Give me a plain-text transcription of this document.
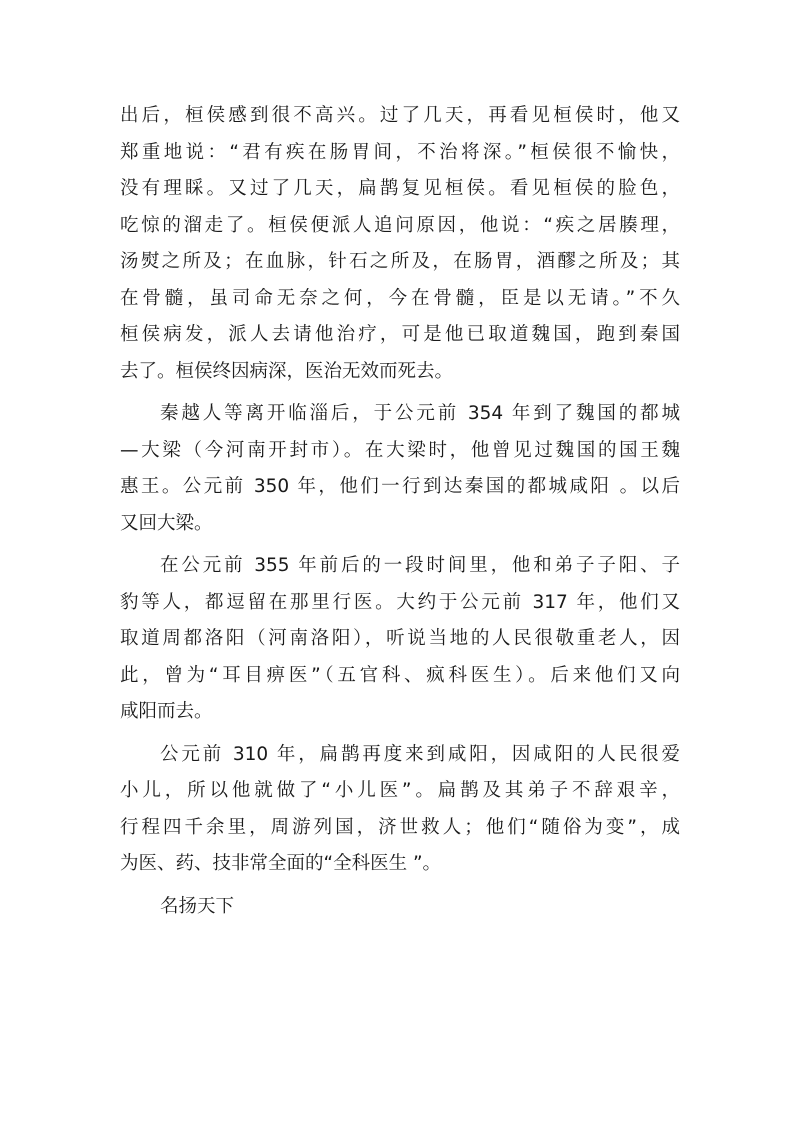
出后，桓侯感到很不高兴。过了几天，再看见桓侯时，他又
郑重地说：“君有疾在肠胃间，不治将深。”桓侯很不愉快，
没有理睬。又过了几天，扁鹊复见桓侯。看见桓侯的脸色，
吃惊的溜走了。桓侯便派人追问原因，他说：“疾之居腠理，
汤熨之所及；在血脉，针石之所及，在肠胃，酒醪之所及；其
在骨髓，虽司命无奈之何，今在骨髓，臣是以无请。”不久
桓侯病发，派人去请他治疗，可是他已取道魏国，跑到秦国
去了。桓侯终因病深，医治无效而死去。
秦越人等离开临淄后，于公元前 354 年到了魏国的都城
—大梁（今河南开封市）。在大梁时，他曾见过魏国的国王魏
惠王。公元前 350 年，他们一行到达秦国的都城咸阳 。以后
又回大梁。
在公元前 355 年前后的一段时间里，他和弟子子阳、子
豹等人，都逗留在那里行医。大约于公元前 317 年，他们又
取道周都洛阳（河南洛阳），听说当地的人民很敬重老人，因
此，曾为“耳目痹医”（五官科、疯科医生）。后来他们又向
咸阳而去。
公元前 310 年，扁鹊再度来到咸阳，因咸阳的人民很爱
小儿，所以他就做了“小儿医”。扁鹊及其弟子不辞艰辛，
行程四千余里，周游列国，济世救人；他们“随俗为变”，成
为医、药、技非常全面的“全科医生 ”。
名扬天下
